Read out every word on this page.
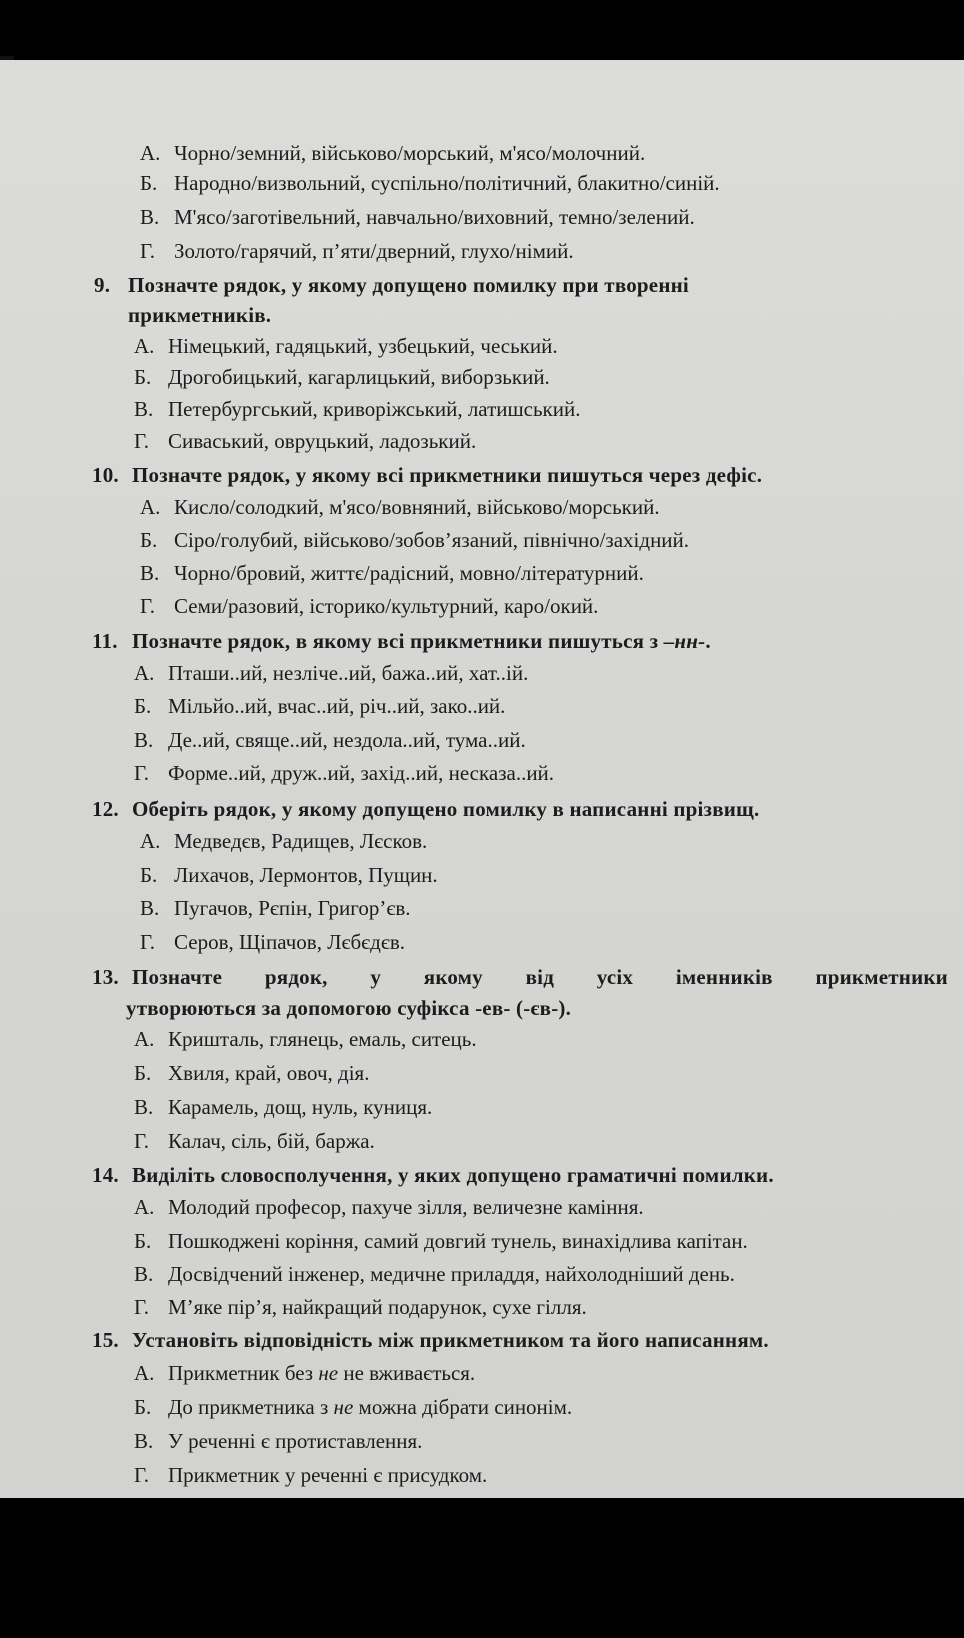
А. Чорно/земний, військово/морський, м'ясо/молочний.
Б. Народно/визвольний, суспільно/політичний, блакитно/синій.
В. М'ясо/заготівельний, навчально/виховний, темно/зелений.
Г. Золото/гарячий, п’яти/дверний, глухо/німий.
9. Позначте рядок, у якому допущено помилку при творенні
прикметників.
А. Німецький, гадяцький, узбецький, чеський.
Б. Дрогобицький, кагарлицький, виборзький.
В. Петербургський, криворіжський, латишський.
Г. Сиваський, овруцький, ладозький.
10. Позначте рядок, у якому всі прикметники пишуться через дефіс.
А. Кисло/солодкий, м'ясо/вовняний, військово/морський.
Б. Сіро/голубий, військово/зобов’язаний, північно/західний.
В. Чорно/бровий, життє/радісний, мовно/літературний.
Г. Семи/разовий, історико/культурний, каро/окий.
11. Позначте рядок, в якому всі прикметники пишуться з –нн-.
А. Пташи..ий, незліче..ий, бажа..ий, хат..ій.
Б. Мільйо..ий, вчас..ий, річ..ий, зако..ий.
В. Де..ий, свяще..ий, нездола..ий, тума..ий.
Г. Форме..ий, друж..ий, захід..ий, несказа..ий.
12. Оберіть рядок, у якому допущено помилку в написанні прізвищ.
А. Медведєв, Радищев, Лєсков.
Б. Лихачов, Лермонтов, Пущин.
В. Пугачов, Рєпін, Григор’єв.
Г. Серов, Щіпачов, Лєбєдєв.
13. Позначте рядок, у якому від усіх іменників прикметники
утворюються за допомогою суфікса -ев- (-єв-).
А. Кришталь, глянець, емаль, ситець.
Б. Хвиля, край, овоч, дія.
В. Карамель, дощ, нуль, куниця.
Г. Калач, сіль, бій, баржа.
14. Виділіть словосполучення, у яких допущено граматичні помилки.
А. Молодий професор, пахуче зілля, величезне каміння.
Б. Пошкоджені коріння, самий довгий тунель, винахідлива капітан.
В. Досвідчений інженер, медичне приладдя, найхолодніший день.
Г. М’яке пір’я, найкращий подарунок, сухе гілля.
15. Установіть відповідність між прикметником та його написанням.
А. Прикметник без не не вживається.
Б. До прикметника з не можна дібрати синонім.
В. У реченні є протиставлення.
Г. Прикметник у реченні є присудком.
